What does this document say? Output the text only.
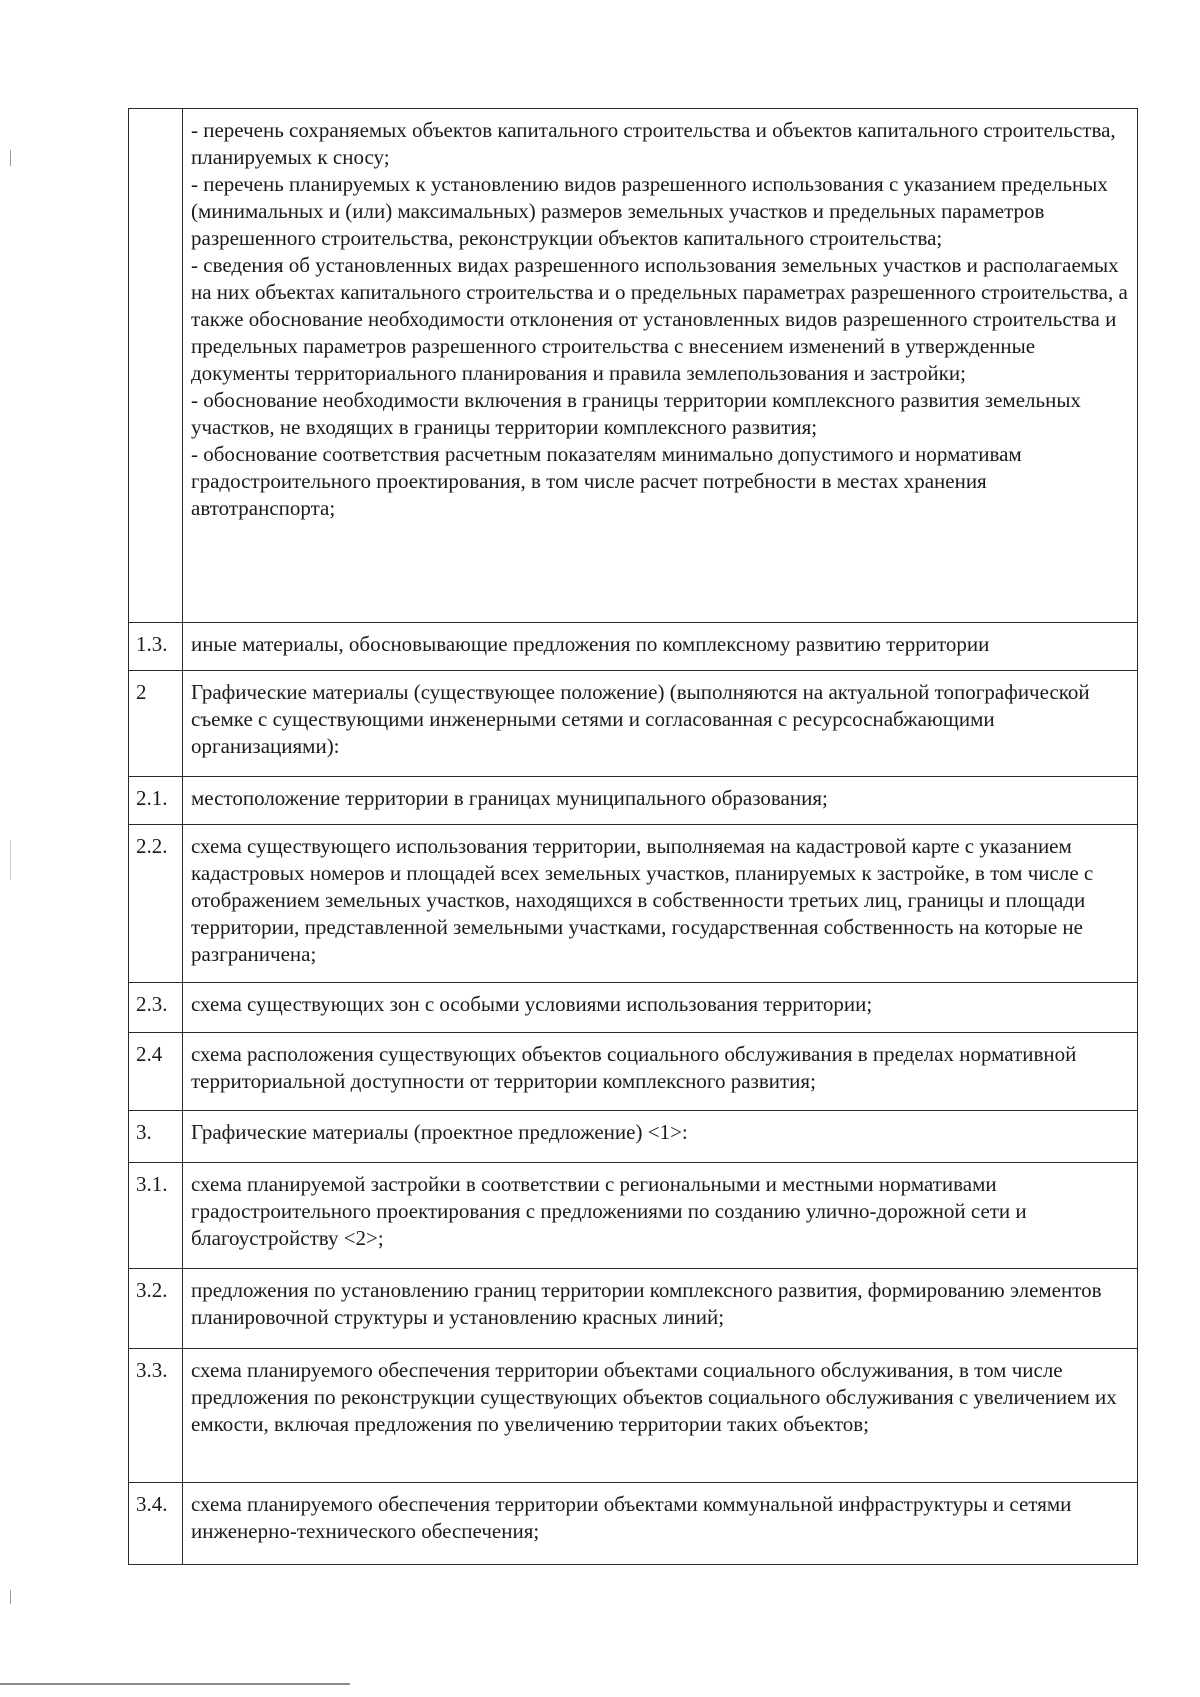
	- перечень сохраняемых объектов капитального строительства и объектов капитального строительства, планируемых к сносу;
- перечень планируемых к установлению видов разрешенного использования с указанием предельных (минимальных и (или) максимальных) размеров земельных участков и предельных параметров разрешенного строительства, реконструкции объектов капитального строительства;
- сведения об установленных видах разрешенного использования земельных участков и располагаемых на них объектах капитального строительства и о предельных параметрах разрешенного строительства, а также обоснование необходимости отклонения от установленных видов разрешенного строительства и предельных параметров разрешенного строительства с внесением изменений в утвержденные документы территориального планирования и правила землепользования и застройки;
- обоснование необходимости включения в границы территории комплексного развития земельных участков, не входящих в границы территории комплексного развития;
- обоснование соответствия расчетным показателям минимально допустимого и нормативам градостроительного проектирования, в том числе расчет потребности в местах хранения автотранспорта;

1.3.	иные материалы, обосновывающие предложения по комплексному развитию территории
2	Графические материалы (существующее положение) (выполняются на актуальной топографической съемке с существующими инженерными сетями и согласованная с ресурсоснабжающими организациями):
2.1.	местоположение территории в границах муниципального образования;
2.2.	схема существующего использования территории, выполняемая на кадастровой карте с указанием кадастровых номеров и площадей всех земельных участков, планируемых к застройке, в том числе с отображением земельных участков, находящихся в собственности третьих лиц, границы и площади территории, представленной земельными участками, государственная собственность на которые не разграничена;
2.3.	схема существующих зон с особыми условиями использования территории;
2.4	схема расположения существующих объектов социального обслуживания в пределах нормативной территориальной доступности от территории комплексного развития;
3.	Графические материалы (проектное предложение) <1>:
3.1.	схема планируемой застройки в соответствии с региональными и местными нормативами градостроительного проектирования с предложениями по созданию улично-дорожной сети и благоустройству <2>;
3.2.	предложения по установлению границ территории комплексного развития, формированию элементов планировочной структуры и установлению красных линий;
3.3.	схема планируемого обеспечения территории объектами социального обслуживания, в том числе предложения по реконструкции существующих объектов социального обслуживания с увеличением их емкости, включая предложения по увеличению территории таких объектов;
3.4.	схема планируемого обеспечения территории объектами коммунальной инфраструктуры и сетями инженерно-технического обеспечения;
